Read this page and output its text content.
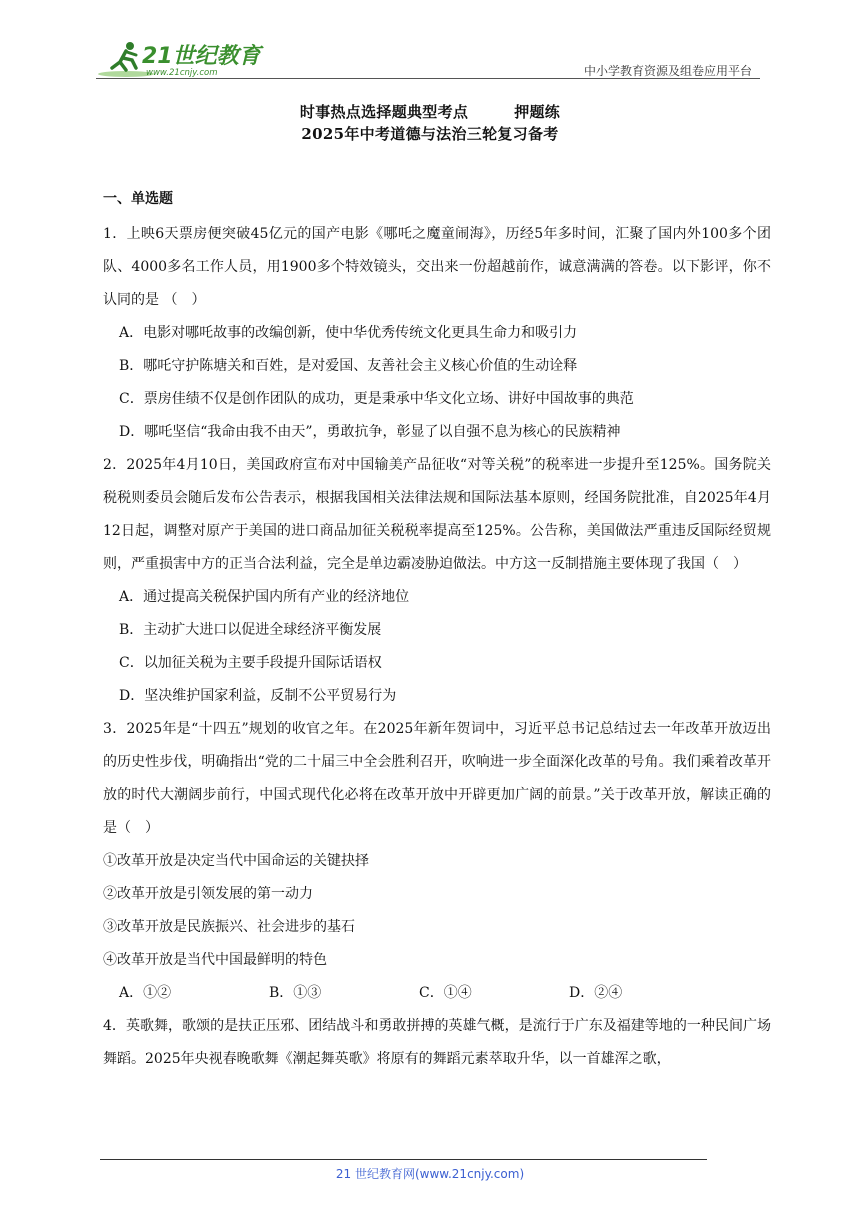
21世纪教育
www.21cnjy.com	中小学教育资源及组卷应用平台
时事热点选择题典型考点	押题练
2025年中考道德与法治三轮复习备考
一、单选题
1．上映6天票房便突破45亿元的国产电影《哪吒之魔童闹海》，历经5年多时间，汇聚了国内外100多个团队、4000多名工作人员，用1900多个特效镜头，交出来一份超越前作，诚意满满的答卷。以下影评，你不认同的是 （　）
A．电影对哪吒故事的改编创新，使中华优秀传统文化更具生命力和吸引力
B．哪吒守护陈塘关和百姓，是对爱国、友善社会主义核心价值的生动诠释
C．票房佳绩不仅是创作团队的成功，更是秉承中华文化立场、讲好中国故事的典范
D．哪吒坚信“我命由我不由天”，勇敢抗争，彰显了以自强不息为核心的民族精神
2．2025年4月10日，美国政府宣布对中国输美产品征收“对等关税”的税率进一步提升至125%。国务院关税税则委员会随后发布公告表示，根据我国相关法律法规和国际法基本原则，经国务院批准，自2025年4月12日起，调整对原产于美国的进口商品加征关税税率提高至125%。公告称，美国做法严重违反国际经贸规则，严重损害中方的正当合法利益，完全是单边霸凌胁迫做法。中方这一反制措施主要体现了我国（　）
A．通过提高关税保护国内所有产业的经济地位
B．主动扩大进口以促进全球经济平衡发展
C．以加征关税为主要手段提升国际话语权
D．坚决维护国家利益，反制不公平贸易行为
3．2025年是“十四五”规划的收官之年。在2025年新年贺词中，习近平总书记总结过去一年改革开放迈出的历史性步伐，明确指出“党的二十届三中全会胜利召开，吹响进一步全面深化改革的号角。我们乘着改革开放的时代大潮阔步前行，中国式现代化必将在改革开放中开辟更加广阔的前景。”关于改革开放，解读正确的是（　）
①改革开放是决定当代中国命运的关键抉择
②改革开放是引领发展的第一动力
③改革开放是民族振兴、社会进步的基石
④改革开放是当代中国最鲜明的特色
A．①②	B．①③	C．①④	D．②④
4．英歌舞，歌颂的是扶正压邪、团结战斗和勇敢拼搏的英雄气概，是流行于广东及福建等地的一种民间广场舞蹈。2025年央视春晚歌舞《潮起舞英歌》将原有的舞蹈元素萃取升华，以一首雄浑之歌，
21 世纪教育网(www.21cnjy.com)
